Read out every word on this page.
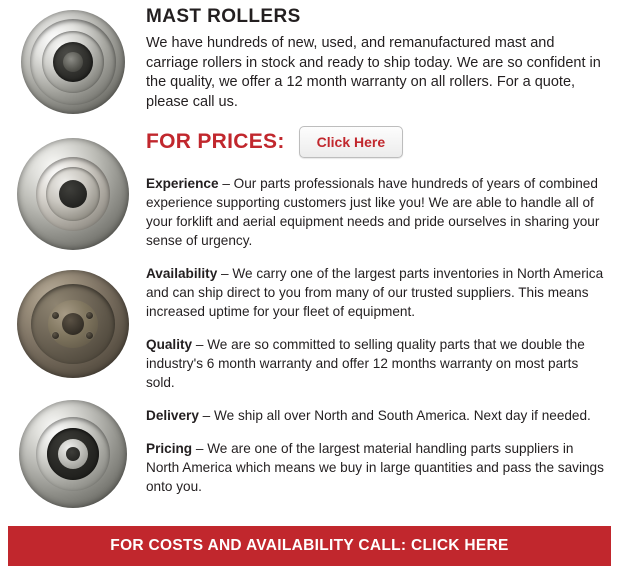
MAST ROLLERS

We have hundreds of new, used, and remanufactured mast and carriage rollers in stock and ready to ship today. We are so confident in the quality, we offer a 12 month warranty on all rollers. For a quote, please call us.

FOR PRICES:	Click Here

Experience – Our parts professionals have hundreds of years of combined experience supporting customers just like you! We are able to handle all of your forklift and aerial equipment needs and pride ourselves in sharing your sense of urgency.

Availability – We carry one of the largest parts inventories in North America and can ship direct to you from many of our trusted suppliers. This means increased uptime for your fleet of equipment.

Quality – We are so committed to selling quality parts that we double the industry's 6 month warranty and offer 12 months warranty on most parts sold.

Delivery – We ship all over North and South America. Next day if needed.

Pricing – We are one of the largest material handling parts suppliers in North America which means we buy in large quantities and pass the savings onto you.

FOR COSTS AND AVAILABILITY CALL: CLICK HERE
